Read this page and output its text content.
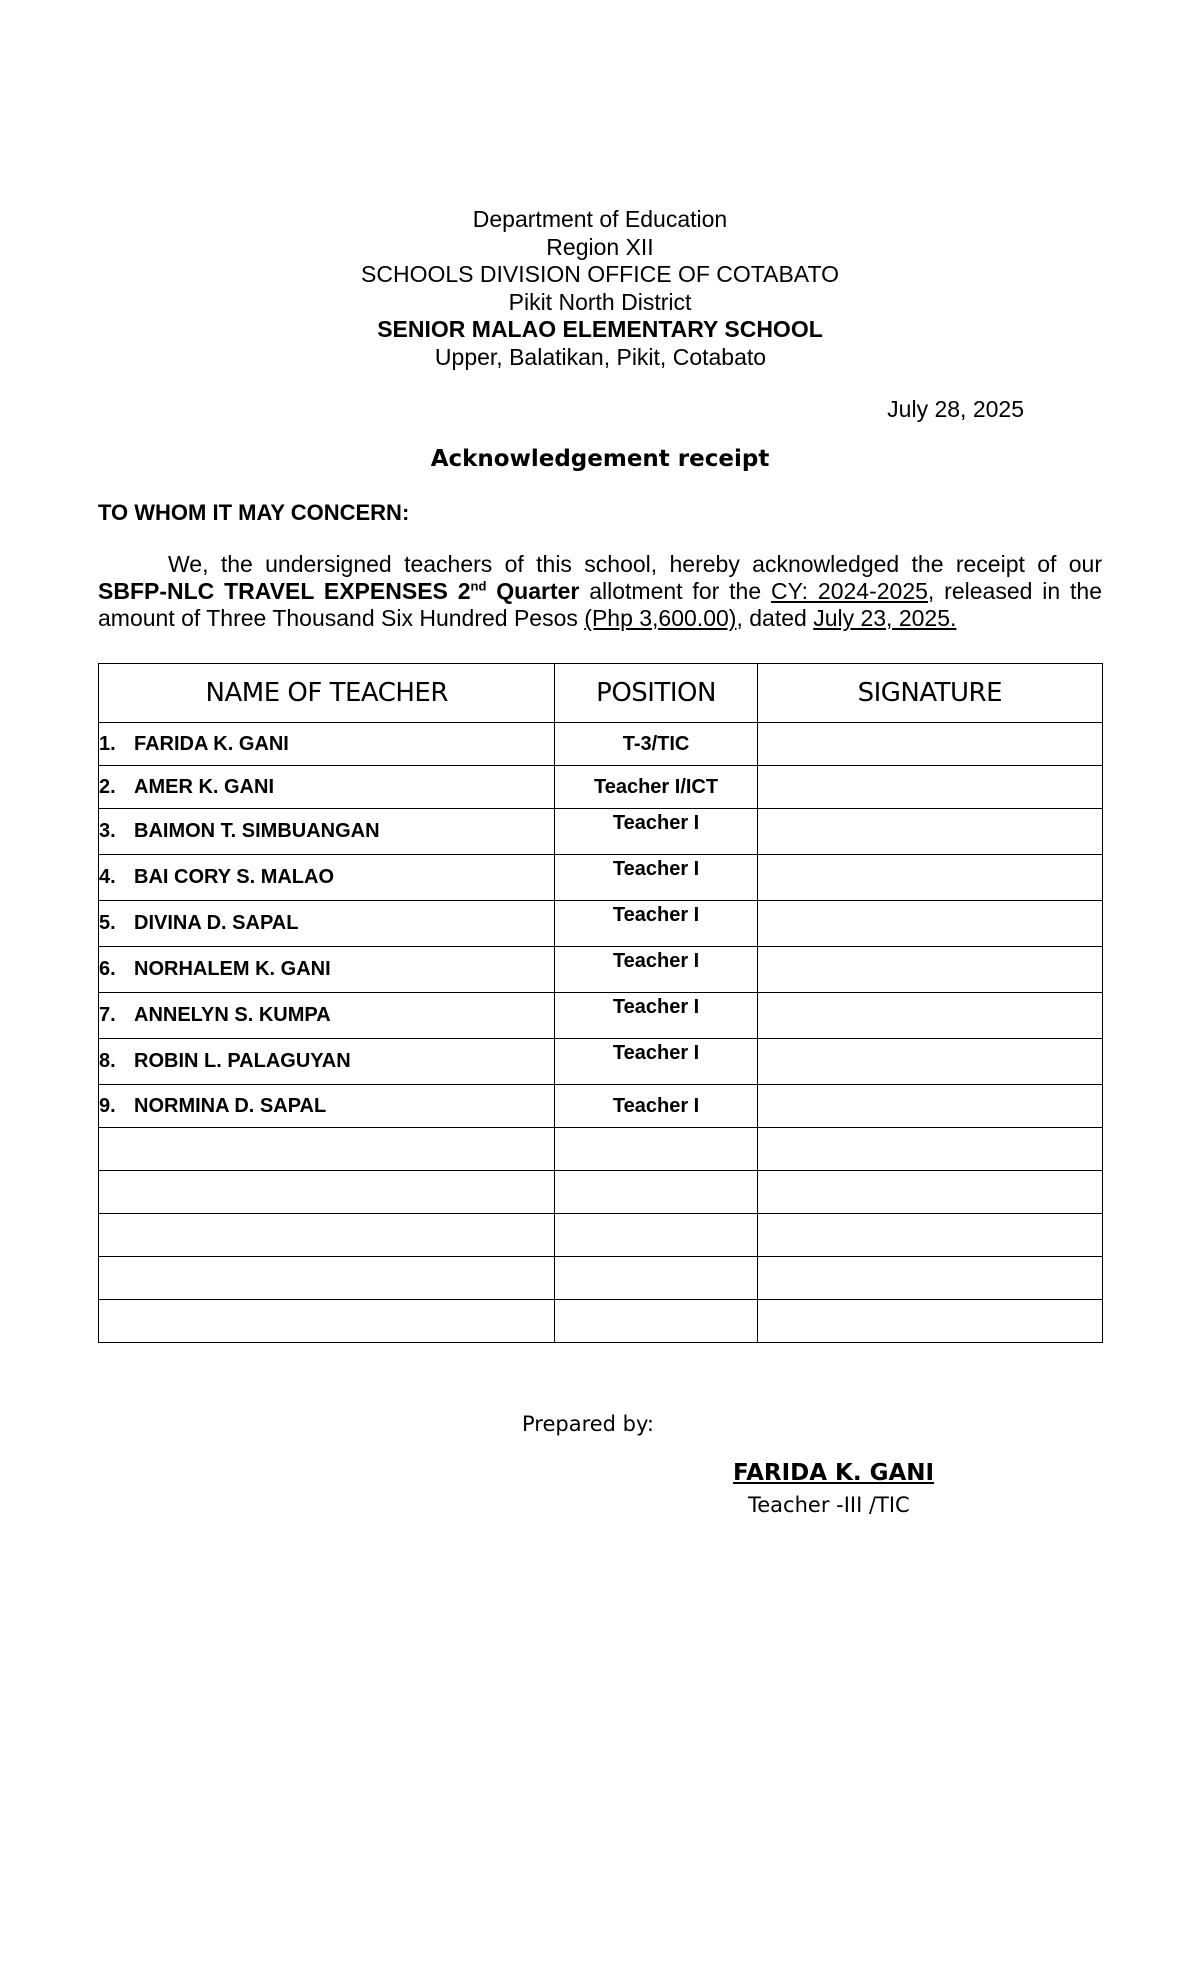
Department of Education
Region XII
SCHOOLS DIVISION OFFICE OF COTABATO
Pikit North District
SENIOR MALAO ELEMENTARY SCHOOL
Upper, Balatikan, Pikit, Cotabato
July 28, 2025
Acknowledgement receipt
TO WHOM IT MAY CONCERN:
We, the undersigned teachers of this school, hereby acknowledged the receipt of our SBFP-NLC TRAVEL EXPENSES 2nd Quarter allotment for the CY: 2024-2025, released in the amount of Three Thousand Six Hundred Pesos (Php 3,600.00), dated July 23, 2025.
NAME OF TEACHER	POSITION	SIGNATURE
1. FARIDA K. GANI	T-3/TIC	
2. AMER K. GANI	Teacher I/ICT	
3. BAIMON T. SIMBUANGAN	Teacher I	
4. BAI CORY S. MALAO	Teacher I	
5. DIVINA D. SAPAL	Teacher I	
6. NORHALEM K. GANI	Teacher I	
7. ANNELYN S. KUMPA	Teacher I	
8. ROBIN L. PALAGUYAN	Teacher I	
9. NORMINA D. SAPAL	Teacher I	

Prepared by:
FARIDA K. GANI
Teacher -III /TIC
